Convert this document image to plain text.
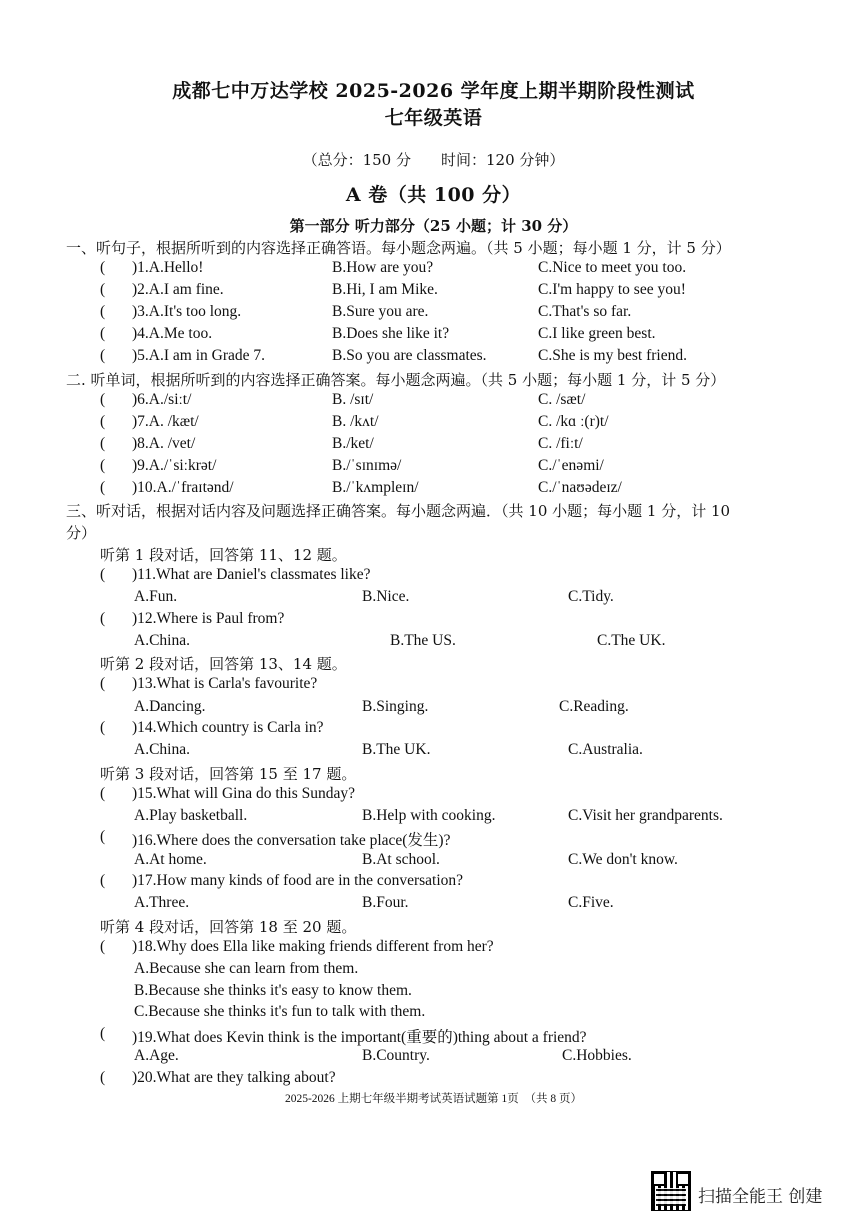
成都七中万达学校 2025-2026 学年度上期半期阶段性测试
七年级英语
（总分：150 分　　时间：120 分钟）
A 卷（共 100 分）
第一部分 听力部分（25 小题；计 30 分）
一、听句子，根据所听到的内容选择正确答语。每小题念两遍。（共 5 小题；每小题 1 分，计 5 分）
( )1.A.Hello!	B.How are you?	C.Nice to meet you too.
( )2.A.I am fine.	B.Hi, I am Mike.	C.I'm happy to see you!
( )3.A.It's too long.	B.Sure you are.	C.That's so far.
( )4.A.Me too.	B.Does she like it?	C.I like green best.
( )5.A.I am in Grade 7.	B.So you are classmates.	C.She is my best friend.
二. 听单词，根据所听到的内容选择正确答案。每小题念两遍。（共 5 小题；每小题 1 分，计 5 分）
( )6.A./siːt/	B. /sɪt/	C. /sæt/
( )7.A. /kæt/	B. /kʌt/	C. /kɑ ː(r)t/
( )8.A. /vet/	B./ket/	C. /fiːt/
( )9.A./ˈsiːkrət/	B./ˈsɪnɪmə/	C./ˈenəmi/
( )10.A./ˈfraɪtənd/	B./ˈkʌmpleɪn/	C./ˈnaʊədeɪz/
三、听对话，根据对话内容及问题选择正确答案。每小题念两遍．（共 10 小题；每小题 1 分，计 10
分）
听第 1 段对话，回答第 11、12 题。
( )11.What are Daniel's classmates like?
A.Fun.	B.Nice.	C.Tidy.
( )12.Where is Paul from?
A.China.	B.The US.	C.The UK.
听第 2 段对话，回答第 13、14 题。
( )13.What is Carla's favourite?
A.Dancing.	B.Singing.	C.Reading.
( )14.Which country is Carla in?
A.China.	B.The UK.	C.Australia.
听第 3 段对话，回答第 15 至 17 题。
( )15.What will Gina do this Sunday?
A.Play basketball.	B.Help with cooking.	C.Visit her grandparents.
( )16.Where does the conversation take place(发生)?
A.At home.	B.At school.	C.We don't know.
( )17.How many kinds of food are in the conversation?
A.Three.	B.Four.	C.Five.
听第 4 段对话，回答第 18 至 20 题。
( )18.Why does Ella like making friends different from her?
A.Because she can learn from them.
B.Because she thinks it's easy to know them.
C.Because she thinks it's fun to talk with them.
( )19.What does Kevin think is the important(重要的)thing about a friend?
A.Age.	B.Country.	C.Hobbies.
( )20.What are they talking about?
2025-2026 上期七年级半期考试英语试题第 1页　（共 8 页）
扫描全能王 创建
